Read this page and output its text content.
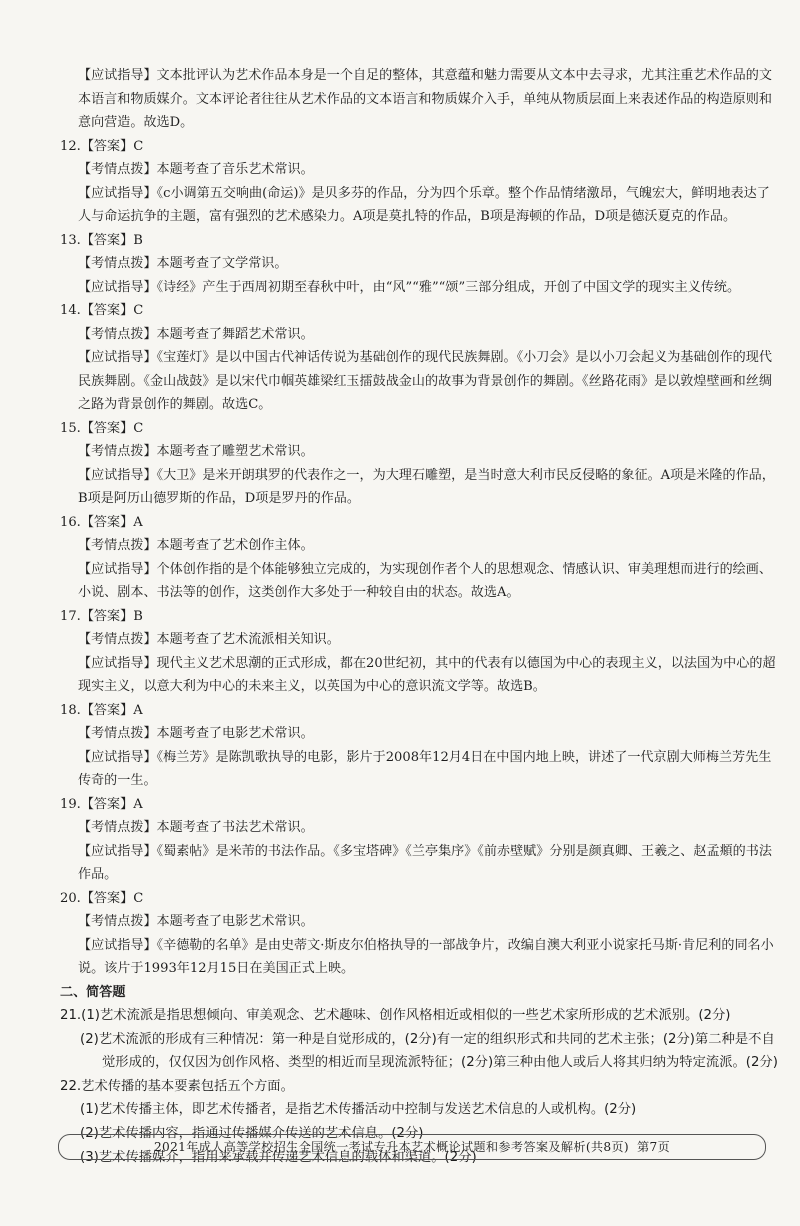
【应试指导】文本批评认为艺术作品本身是一个自足的整体，其意蕴和魅力需要从文本中去寻求，尤其注重艺术作品的文本语言和物质媒介。文本评论者往往从艺术作品的文本语言和物质媒介入手，单纯从物质层面上来表述作品的构造原则和意向营造。故选D。

12.【答案】C

【考情点拨】本题考查了音乐艺术常识。

【应试指导】《c小调第五交响曲(命运)》是贝多芬的作品，分为四个乐章。整个作品情绪激昂，气魄宏大，鲜明地表达了人与命运抗争的主题，富有强烈的艺术感染力。A项是莫扎特的作品，B项是海顿的作品，D项是德沃夏克的作品。

13.【答案】B

【考情点拨】本题考查了文学常识。

【应试指导】《诗经》产生于西周初期至春秋中叶，由“风”“雅”“颂”三部分组成，开创了中国文学的现实主义传统。

14.【答案】C

【考情点拨】本题考查了舞蹈艺术常识。

【应试指导】《宝莲灯》是以中国古代神话传说为基础创作的现代民族舞剧。《小刀会》是以小刀会起义为基础创作的现代民族舞剧。《金山战鼓》是以宋代巾帼英雄梁红玉擂鼓战金山的故事为背景创作的舞剧。《丝路花雨》是以敦煌壁画和丝绸之路为背景创作的舞剧。故选C。

15.【答案】C

【考情点拨】本题考查了雕塑艺术常识。

【应试指导】《大卫》是米开朗琪罗的代表作之一，为大理石雕塑，是当时意大利市民反侵略的象征。A项是米隆的作品，B项是阿历山德罗斯的作品，D项是罗丹的作品。

16.【答案】A

【考情点拨】本题考查了艺术创作主体。

【应试指导】个体创作指的是个体能够独立完成的，为实现创作者个人的思想观念、情感认识、审美理想而进行的绘画、小说、剧本、书法等的创作，这类创作大多处于一种较自由的状态。故选A。

17.【答案】B

【考情点拨】本题考查了艺术流派相关知识。

【应试指导】现代主义艺术思潮的正式形成，都在20世纪初，其中的代表有以德国为中心的表现主义，以法国为中心的超现实主义，以意大利为中心的未来主义，以英国为中心的意识流文学等。故选B。

18.【答案】A

【考情点拨】本题考查了电影艺术常识。

【应试指导】《梅兰芳》是陈凯歌执导的电影，影片于2008年12月4日在中国内地上映，讲述了一代京剧大师梅兰芳先生传奇的一生。

19.【答案】A

【考情点拨】本题考查了书法艺术常识。

【应试指导】《蜀素帖》是米芾的书法作品。《多宝塔碑》《兰亭集序》《前赤壁赋》分别是颜真卿、王羲之、赵孟頫的书法作品。

20.【答案】C

【考情点拨】本题考查了电影艺术常识。

【应试指导】《辛德勒的名单》是由史蒂文·斯皮尔伯格执导的一部战争片，改编自澳大利亚小说家托马斯·肯尼利的同名小说。该片于1993年12月15日在美国正式上映。

二、简答题

21.(1)艺术流派是指思想倾向、审美观念、艺术趣味、创作风格相近或相似的一些艺术家所形成的艺术派别。(2分)

(2)艺术流派的形成有三种情况：第一种是自觉形成的，(2分)有一定的组织形式和共同的艺术主张；(2分)第二种是不自觉形成的，仅仅因为创作风格、类型的相近而呈现流派特征；(2分)第三种由他人或后人将其归纳为特定流派。(2分)

22.艺术传播的基本要素包括五个方面。

(1)艺术传播主体，即艺术传播者，是指艺术传播活动中控制与发送艺术信息的人或机构。(2分)

(2)艺术传播内容，指通过传播媒介传送的艺术信息。(2分)

(3)艺术传播媒介，指用来承载并传递艺术信息的载体和渠道。(2分)

2021年成人高等学校招生全国统一考试专升本艺术概论试题和参考答案及解析(共8页) 第7页
